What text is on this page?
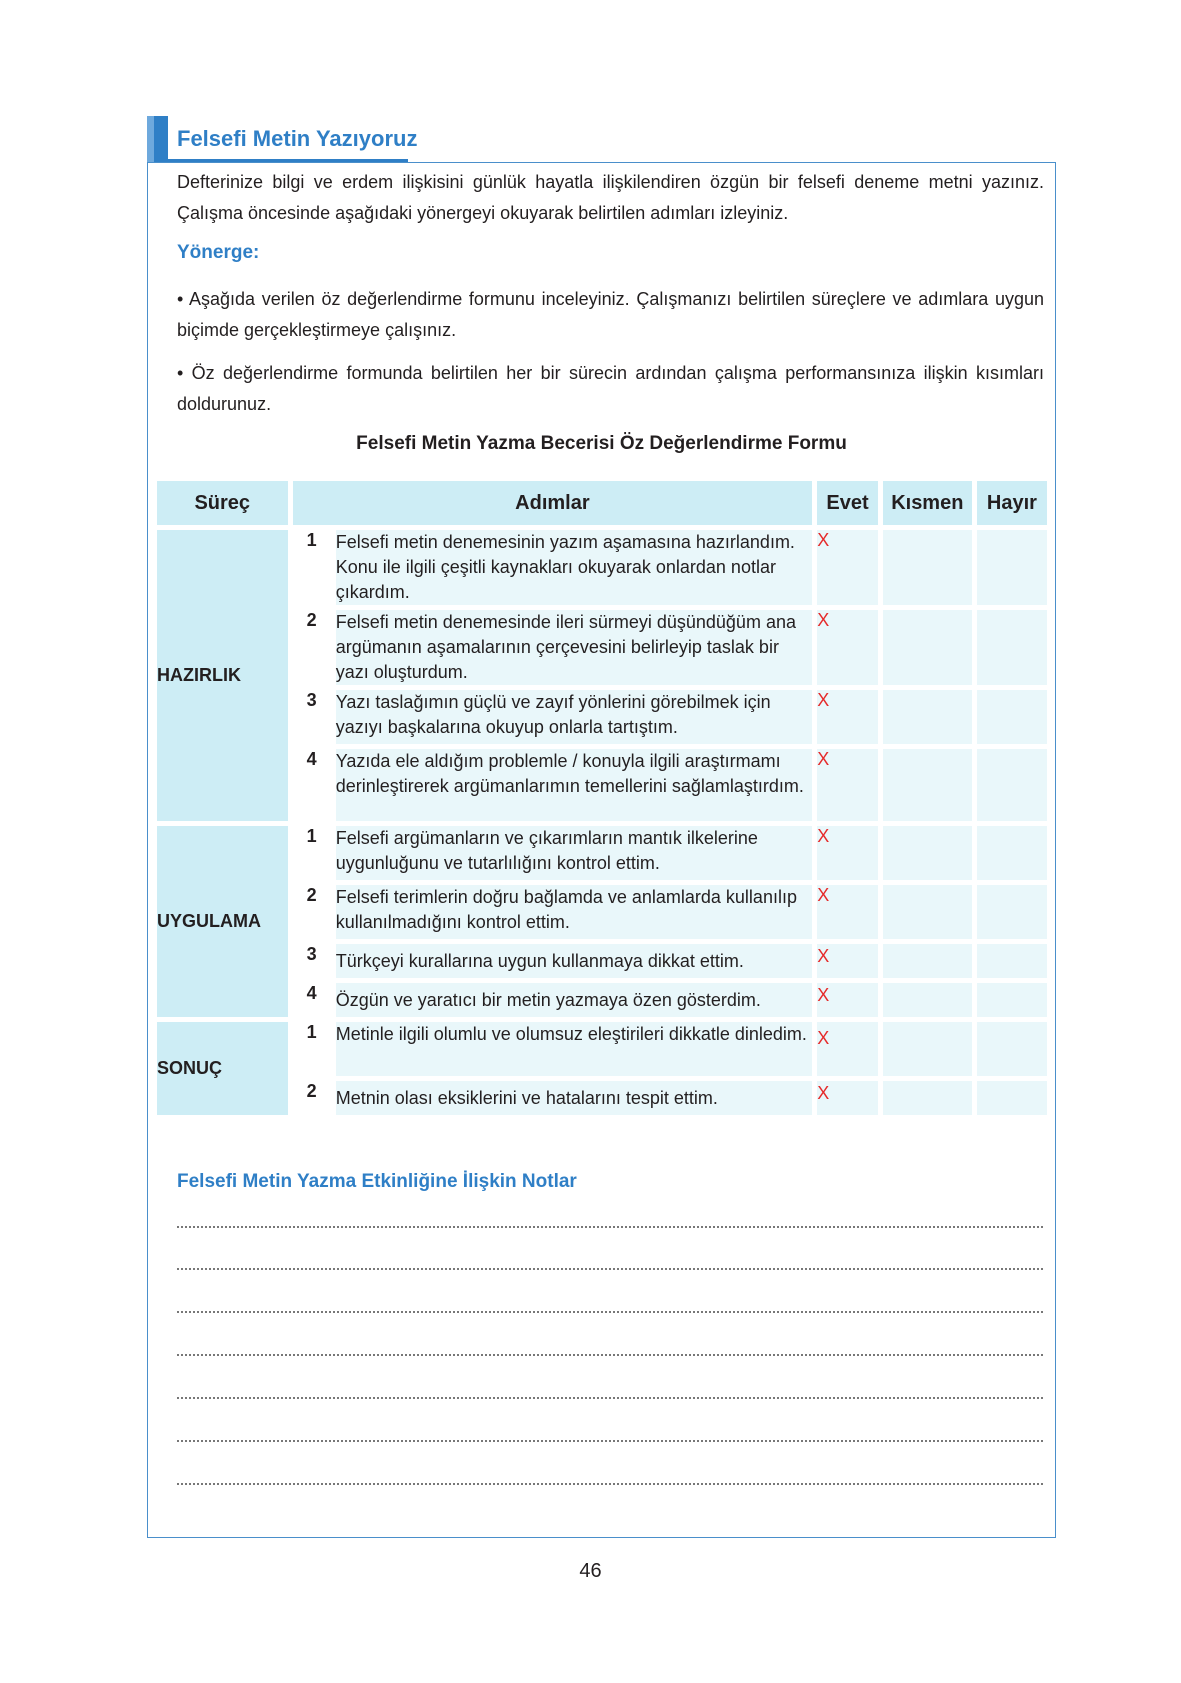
Felsefi Metin Yazıyoruz

Defterinize bilgi ve erdem ilişkisini günlük hayatla ilişkilendiren özgün bir felsefi deneme metni yazınız. Çalışma öncesinde aşağıdaki yönergeyi okuyarak belirtilen adımları izleyiniz.

Yönerge:

• Aşağıda verilen öz değerlendirme formunu inceleyiniz. Çalışmanızı belirtilen süreçlere ve adımlara uygun biçimde gerçekleştirmeye çalışınız.

• Öz değerlendirme formunda belirtilen her bir sürecin ardından çalışma performansınıza ilişkin kısımları doldurunuz.

Felsefi Metin Yazma Becerisi Öz Değerlendirme Formu
Süreç	Adımlar		Evet	Kısmen	Hayır
HAZIRLIK	1	Felsefi metin denemesinin yazım aşamasına hazırlandım. Konu ile ilgili çeşitli kaynakları okuyarak onlardan notlar çıkardım.	X		
	2	Felsefi metin denemesinde ileri sürmeyi düşündüğüm ana argümanın aşamalarının çerçevesini belirleyip taslak bir yazı oluşturdum.	X		
	3	Yazı taslağımın güçlü ve zayıf yönlerini görebilmek için yazıyı başkalarına okuyup onlarla tartıştım.	X		
	4	Yazıda ele aldığım problemle / konuyla ilgili araştırmamı derinleştirerek argümanlarımın temellerini sağlamlaştırdım.	X		
UYGULAMA	1	Felsefi argümanların ve çıkarımların mantık ilkelerine uygunluğunu ve tutarlılığını kontrol ettim.	X		
	2	Felsefi terimlerin doğru bağlamda ve anlamlarda kullanılıp kullanılmadığını kontrol ettim.	X		
	3	Türkçeyi kurallarına uygun kullanmaya dikkat ettim.	X		
	4	Özgün ve yaratıcı bir metin yazmaya özen gösterdim.	X		
SONUÇ	1	Metinle ilgili olumlu ve olumsuz eleştirileri dikkatle dinledim.	X		
	2	Metnin olası eksiklerini ve hatalarını tespit ettim.	X		
Felsefi Metin Yazma Etkinliğine İlişkin Notlar
46
